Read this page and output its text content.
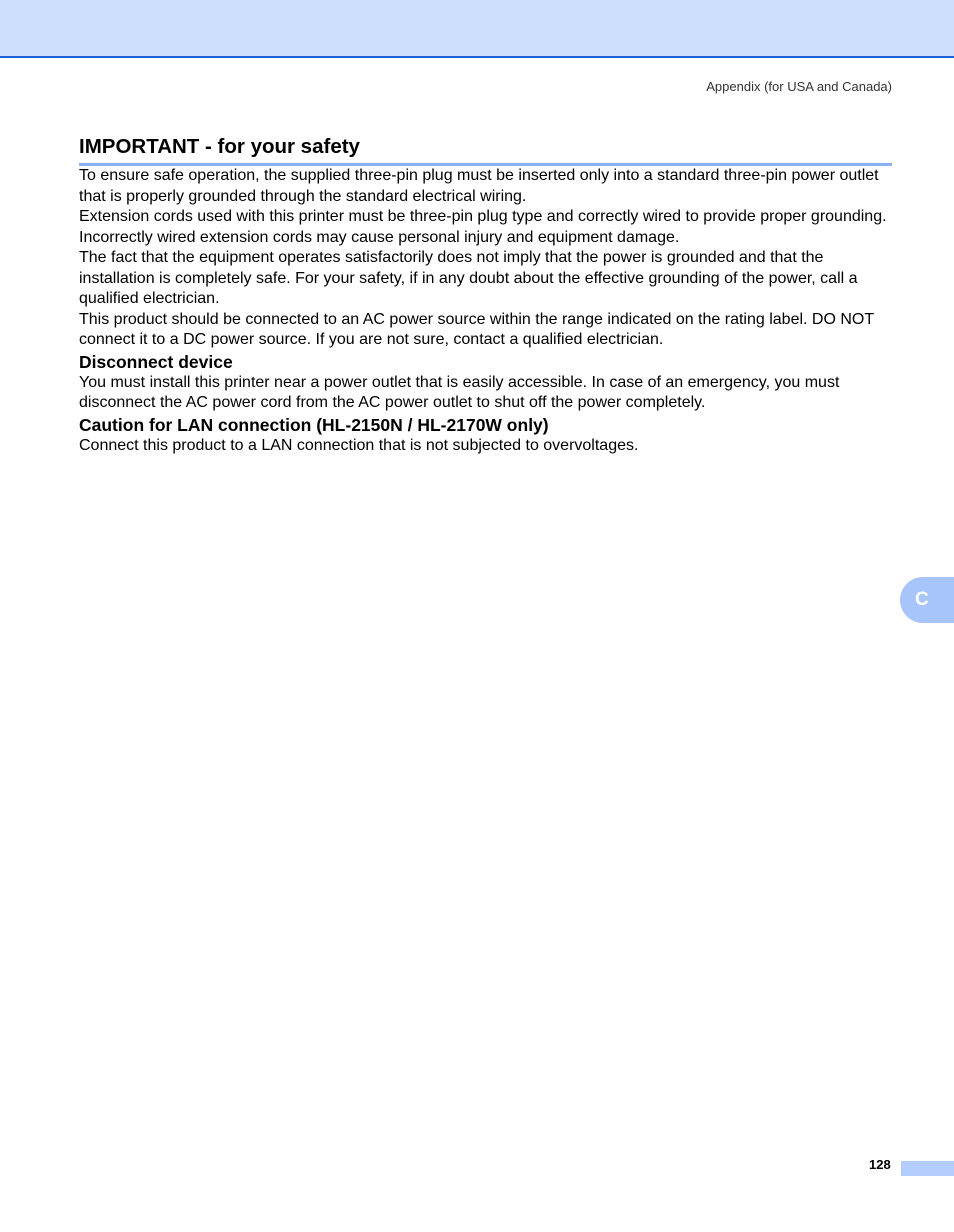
Appendix (for USA and Canada)
IMPORTANT - for your safety

To ensure safe operation, the supplied three-pin plug must be inserted only into a standard three-pin power outlet that is properly grounded through the standard electrical wiring.

Extension cords used with this printer must be three-pin plug type and correctly wired to provide proper grounding. Incorrectly wired extension cords may cause personal injury and equipment damage.

The fact that the equipment operates satisfactorily does not imply that the power is grounded and that the installation is completely safe. For your safety, if in any doubt about the effective grounding of the power, call a qualified electrician.

This product should be connected to an AC power source within the range indicated on the rating label. DO NOT connect it to a DC power source. If you are not sure, contact a qualified electrician.

Disconnect device

You must install this printer near a power outlet that is easily accessible. In case of an emergency, you must disconnect the AC power cord from the AC power outlet to shut off the power completely.

Caution for LAN connection (HL-2150N / HL-2170W only)

Connect this product to a LAN connection that is not subjected to overvoltages.

C
128
